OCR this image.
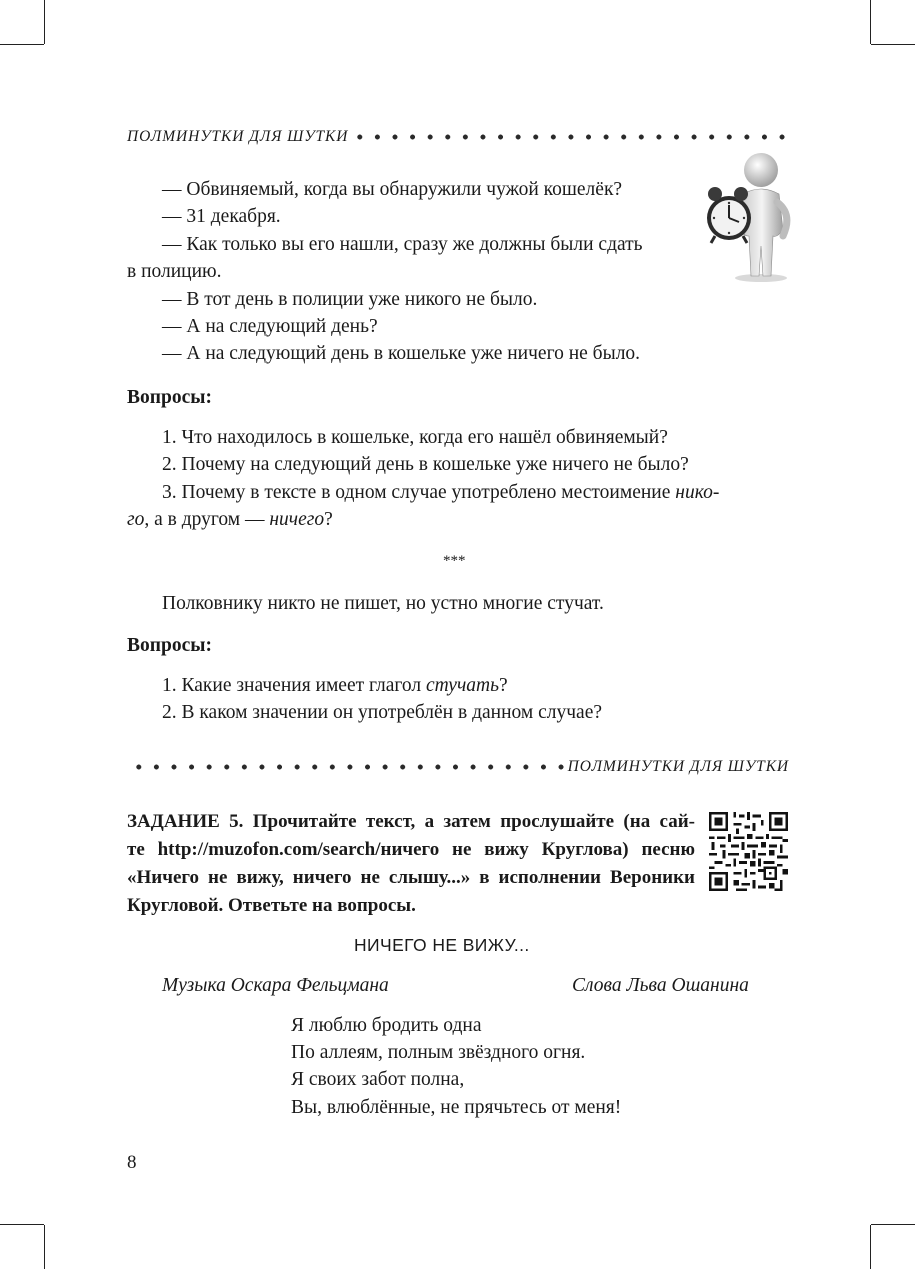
ПОЛМИНУТКИ ДЛЯ ШУТКИ
— Обвиняемый, когда вы обнаружили чужой кошелёк?
— 31 декабря.
— Как только вы его нашли, сразу же должны были сдать
в полицию.
— В тот день в полиции уже никого не было.
— А на следующий день?
— А на следующий день в кошельке уже ничего не было.
Вопросы:
1. Что находилось в кошельке, когда его нашёл обвиняемый?
2. Почему на следующий день в кошельке уже ничего не было?
3. Почему в тексте в одном случае употреблено местоимение нико-
го, а в другом — ничего?
***
Полковнику никто не пишет, но устно многие стучат.
Вопросы:
1. Какие значения имеет глагол стучать?
2. В каком значении он употреблён в данном случае?
ПОЛМИНУТКИ ДЛЯ ШУТКИ
ЗАДАНИЕ 5. Прочитайте текст, а затем прослушайте (на сай-
те http://muzofon.com/search/ничего не вижу Круглова) песню
«Ничего не вижу, ничего не слышу...» в исполнении Вероники
Кругловой. Ответьте на вопросы.
НИЧЕГО НЕ ВИЖУ...
Музыка Оскара Фельцмана	Слова Льва Ошанина
Я люблю бродить одна
По аллеям, полным звёздного огня.
Я своих забот полна,
Вы, влюблённые, не прячьтесь от меня!
8
